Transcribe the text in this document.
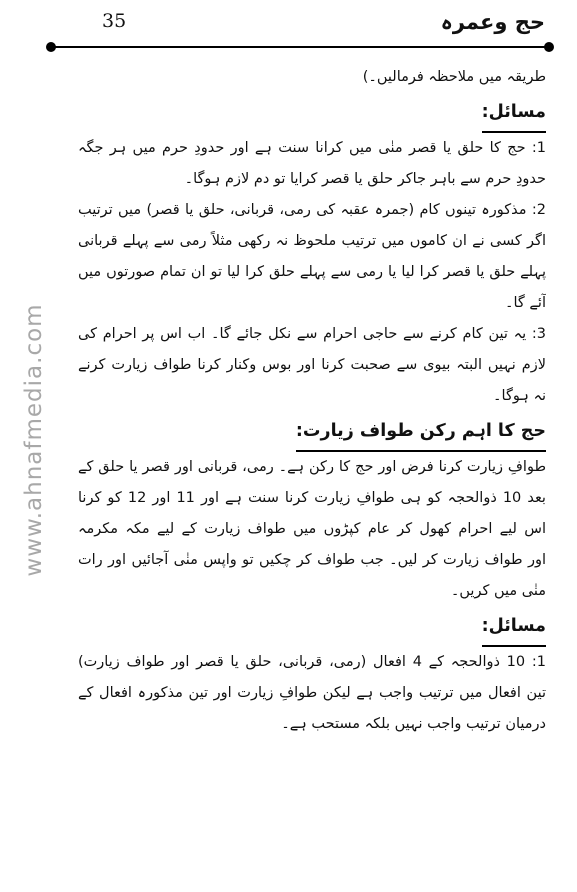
حج وعمرہ
35
www.ahnafmedia.com
طریقہ میں ملاحظہ فرمالیں۔)
مسائل:
1: حج کا حلق یا قصر منٰی میں کرانا سنت ہے اور حدودِ حرم میں ہر جگہ
حدودِ حرم سے باہر جاکر حلق یا قصر کرایا تو دم لازم ہوگا۔
2: مذکورہ تینوں کام (جمرہ عقبہ کی رمی، قربانی، حلق یا قصر) میں ترتیب
اگر کسی نے ان کاموں میں ترتیب ملحوظ نہ رکھی مثلاً رمی سے پہلے قربانی
پہلے حلق یا قصر کرا لیا یا رمی سے پہلے حلق کرا لیا تو ان تمام صورتوں میں
آئے گا۔
3: یہ تین کام کرنے سے حاجی احرام سے نکل جائے گا۔ اب اس پر احرام کی
لازم نہیں البتہ بیوی سے صحبت کرنا اور بوس وکنار کرنا طواف زیارت کرنے
نہ ہوگا۔
حج کا اہم رکن طواف زیارت:
طوافِ زیارت کرنا فرض اور حج کا رکن ہے۔ رمی، قربانی اور قصر یا حلق کے
بعد 10 ذوالحجہ کو ہی طوافِ زیارت کرنا سنت ہے اور 11 اور 12 کو کرنا
اس لیے احرام کھول کر عام کپڑوں میں طواف زیارت کے لیے مکہ مکرمہ
اور طواف زیارت کر لیں۔ جب طواف کر چکیں تو واپس منٰی آجائیں اور رات
منٰی میں کریں۔
مسائل:
1: 10 ذوالحجہ کے 4 افعال (رمی، قربانی، حلق یا قصر اور طواف زیارت)
تین افعال میں ترتیب واجب ہے لیکن طوافِ زیارت اور تین مذکورہ افعال کے
درمیان ترتیب واجب نہیں بلکہ مستحب ہے۔
